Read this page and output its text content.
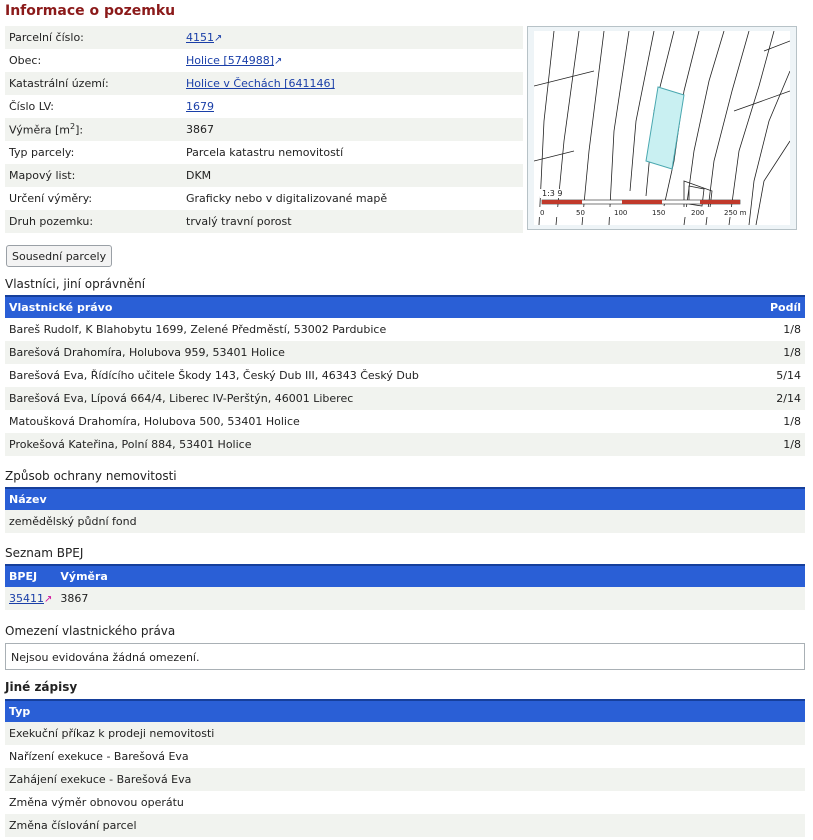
Informace o pozemku
Parcelní číslo:	4151↗
Obec:	Holice [574988]↗
Katastrální území:	Holice v Čechách [641146]
Číslo LV:	1679
Výměra $[m^2]$:	3867
Typ parcely:	Parcela katastru nemovitostí
Mapový list:	DKM
Určení výměry:	Graficky nebo v digitalizované mapě
Druh pozemku:	trvalý travní porost
1:3 9
0	50	100	150	200	250 m
Sousední parcely
Vlastníci, jiní oprávnění
Vlastnické právo	Podíl
Bareš Rudolf, K Blahobytu 1699, Zelené Předměstí, 53002 Pardubice	1/8
Barešová Drahomíra, Holubova 959, 53401 Holice	1/8
Barešová Eva, Řídícího učitele Škody 143, Český Dub III, 46343 Český Dub	5/14
Barešová Eva, Lípová 664/4, Liberec IV-Perštýn, 46001 Liberec	2/14
Matoušková Drahomíra, Holubova 500, 53401 Holice	1/8
Prokešová Kateřina, Polní 884, 53401 Holice	1/8
Způsob ochrany nemovitosti
Název
zemědělský půdní fond
Seznam BPEJ
BPEJ	Výměra
35411↗	3867
Omezení vlastnického práva
Nejsou evidována žádná omezení.
Jiné zápisy
Typ
Exekuční příkaz k prodeji nemovitosti
Nařízení exekuce - Barešová Eva
Zahájení exekuce - Barešová Eva
Změna výměr obnovou operátu
Změna číslování parcel
